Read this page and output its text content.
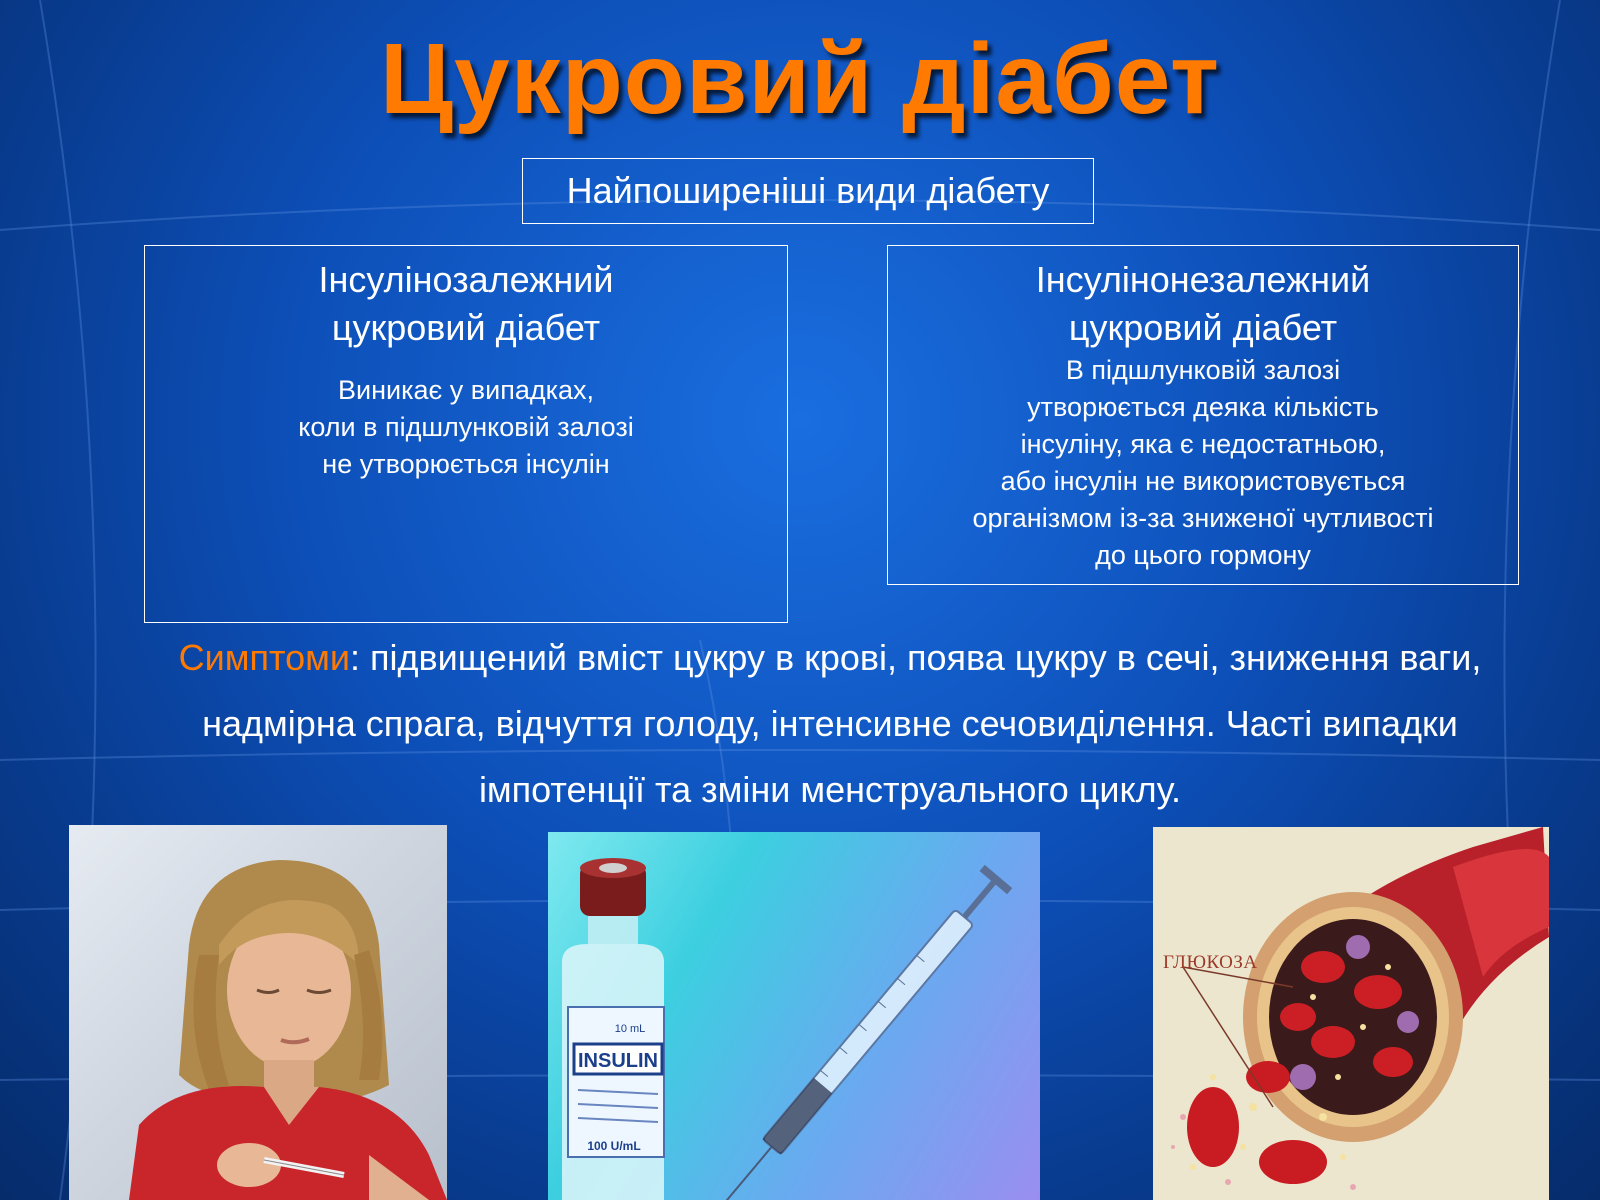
Цукровий діабет
Найпоширеніші види діабету
Інсулінозалежний
цукровий діабет
Виникає у випадках,
коли в підшлунковій залозі
не утворюється інсулін
Інсулінонезалежний
цукровий діабет
В підшлунковій залозі
утворюється деяка кількість
інсуліну, яка є недостатньою,
або інсулін не використовується
організмом із-за зниженої чутливості
до цього гормону
Симптоми: підвищений вміст цукру в крові, поява цукру в сечі, зниження ваги, надмірна спрага, відчуття голоду, інтенсивне сечовиділення. Часті випадки імпотенції та зміни менструального циклу.
INSULIN
10 mL
100 U/mL
ГЛЮКОЗА
